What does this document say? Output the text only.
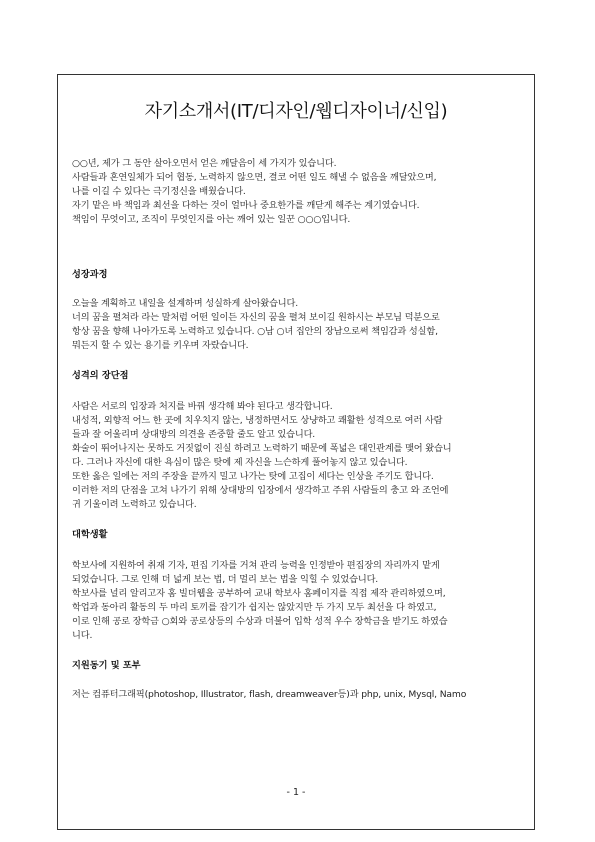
자기소개서(IT/디자인/웹디자이너/신입)

○○년, 제가 그 동안 살아오면서 얻은 깨달음이 세 가지가 있습니다.

사람들과 혼연일체가 되어 협동, 노력하지 않으면, 결코 어떤 일도 해낼 수 없음을 깨달았으며,

나를 이길 수 있다는 극기정신을 배웠습니다.

자기 맡은 바 책임과 최선을 다하는 것이 얼마나 중요한가를 깨닫게 해주는 계기였습니다.

책임이 무엇이고, 조직이 무엇인지를 아는 깨어 있는 일꾼 ○○○입니다.

성장과정

오늘을 계획하고 내일을 설계하며 성실하게 살아왔습니다.

너의 꿈을 펼쳐라 라는 말처럼 어떤 일이든 자신의 꿈을 펼쳐 보이길 원하시는 부모님 덕분으로

항상 꿈을 향해 나아가도록 노력하고 있습니다. ○남 ○녀 집안의 장남으로써 책임감과 성실함,

뭐든지 할 수 있는 용기를 키우며 자랐습니다.

성격의 장단점

사람은 서로의 입장과 처지를 바꿔 생각해 봐야 된다고 생각합니다.

내성적, 외향적 어느 한 곳에 치우치지 않는, 냉정하면서도 상냥하고 쾌활한 성격으로 여러 사람

들과 잘 어울리며 상대방의 의견을 존중할 줄도 알고 있습니다.

화술이 뛰어나지는 못하도 거짓없이 진실 하려고 노력하기 때문에 폭넓은 대인관계를 맺어 왔습니

다. 그러나 자신에 대한 욕심이 많은 탓에 제 자신을 느슨하게 풀어놓지 않고 있습니다.

또한 옳은 일에는 저의 주장을 끝까지 밀고 나가는 탓에 고집이 세다는 인상을 주기도 합니다.

이러한 저의 단점을 고쳐 나가기 위해 상대방의 입장에서 생각하고 주위 사람들의 충고 와 조언에

귀 기울이려 노력하고 있습니다.

대학생활

학보사에 지원하여 취재 기자, 편집 기자를 거쳐 관리 능력을 인정받아 편집장의 자리까지 맡게

되었습니다. 그로 인해 더 넓게 보는 법, 더 멀리 보는 법을 익힐 수 있었습니다.

학보사를 널리 알리고자 홈 빌더웹을 공부하여 교내 학보사 홈페이지를 직접 제작 관리하였으며,

학업과 동아리 활동의 두 마리 토끼를 잡기가 쉽지는 않았지만 두 가지 모두 최선을 다 하였고,

이로 인해 공로 장학금 ○회와 공로상등의 수상과 더불어 입학 성적 우수 장학금을 받기도 하였습

니다.

지원동기 및 포부

저는 컴퓨터그래픽(photoshop, Illustrator, flash, dreamweaver등)과 php, unix, Mysql, Namo

- 1 -
